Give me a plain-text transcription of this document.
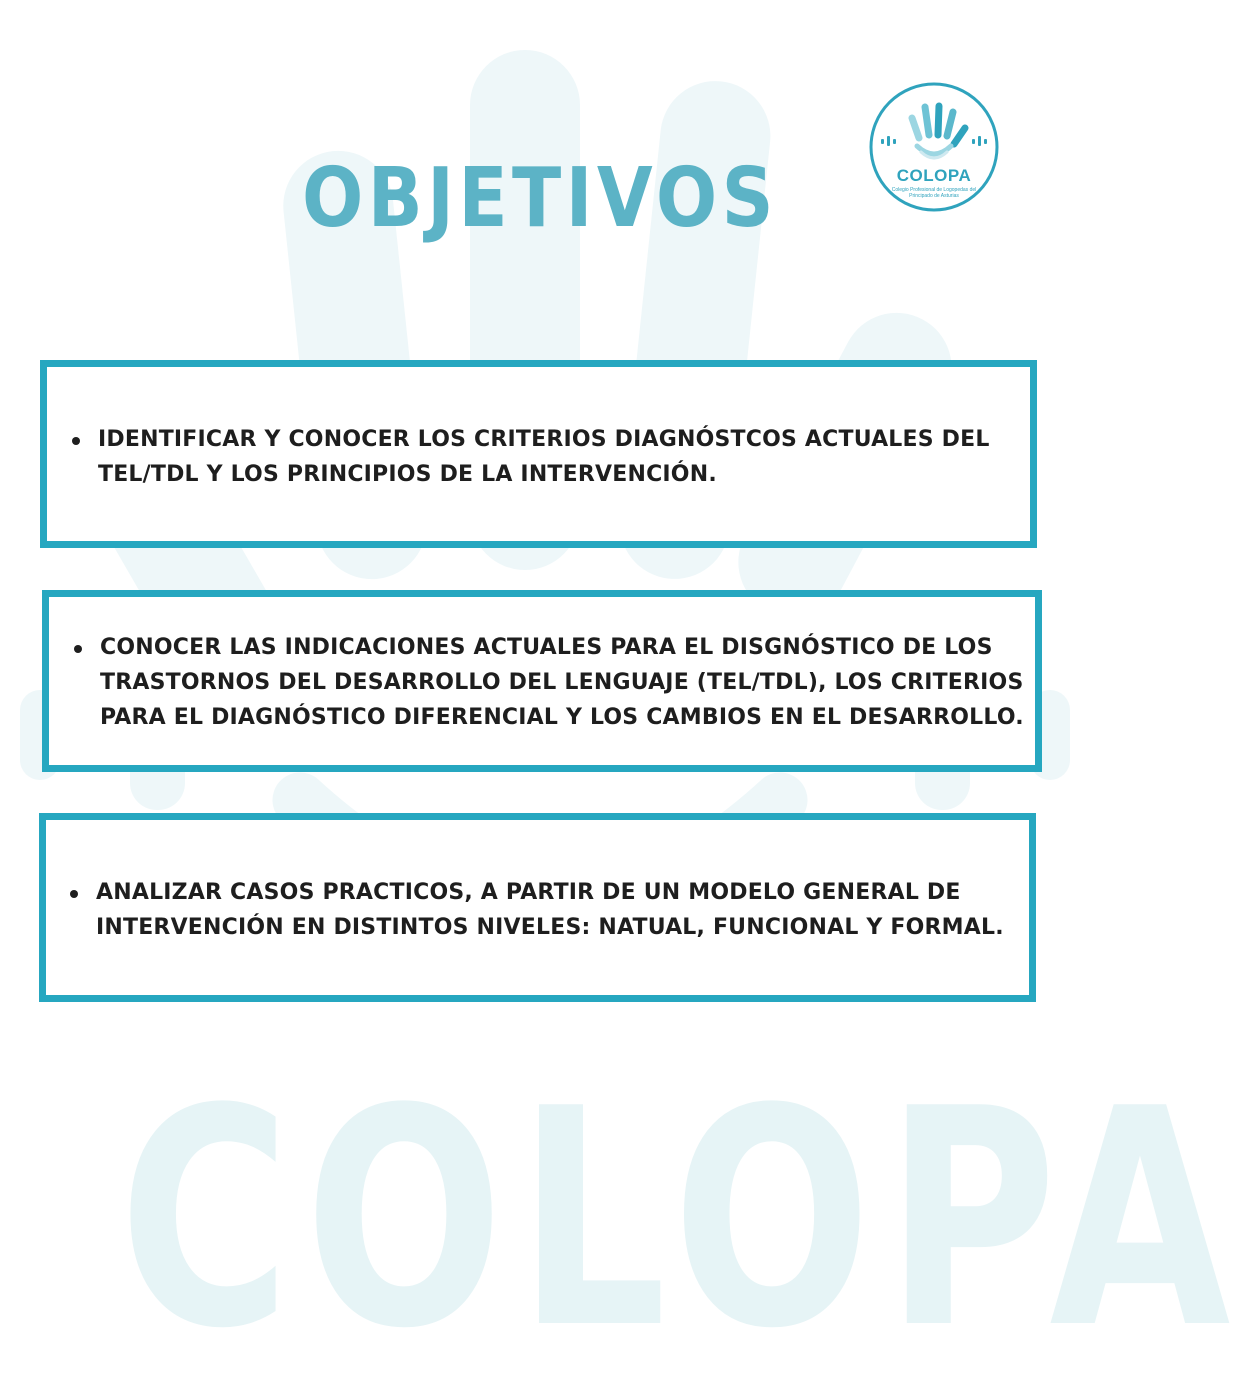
COLOPA
COLOPA
Colegio Profesional de Logopedas del Principado de Asturias
OBJETIVOS
IDENTIFICAR Y CONOCER LOS CRITERIOS DIAGNÓSTCOS ACTUALES DEL TEL/TDL Y LOS PRINCIPIOS DE LA INTERVENCIÓN.
CONOCER LAS INDICACIONES ACTUALES PARA EL DISGNÓSTICO DE LOS TRASTORNOS DEL DESARROLLO DEL LENGUAJE (TEL/TDL), LOS CRITERIOS PARA EL DIAGNÓSTICO DIFERENCIAL Y LOS CAMBIOS EN EL DESARROLLO.
ANALIZAR CASOS PRACTICOS, A PARTIR DE UN MODELO GENERAL DE INTERVENCIÓN EN DISTINTOS NIVELES: NATUAL, FUNCIONAL Y FORMAL.
